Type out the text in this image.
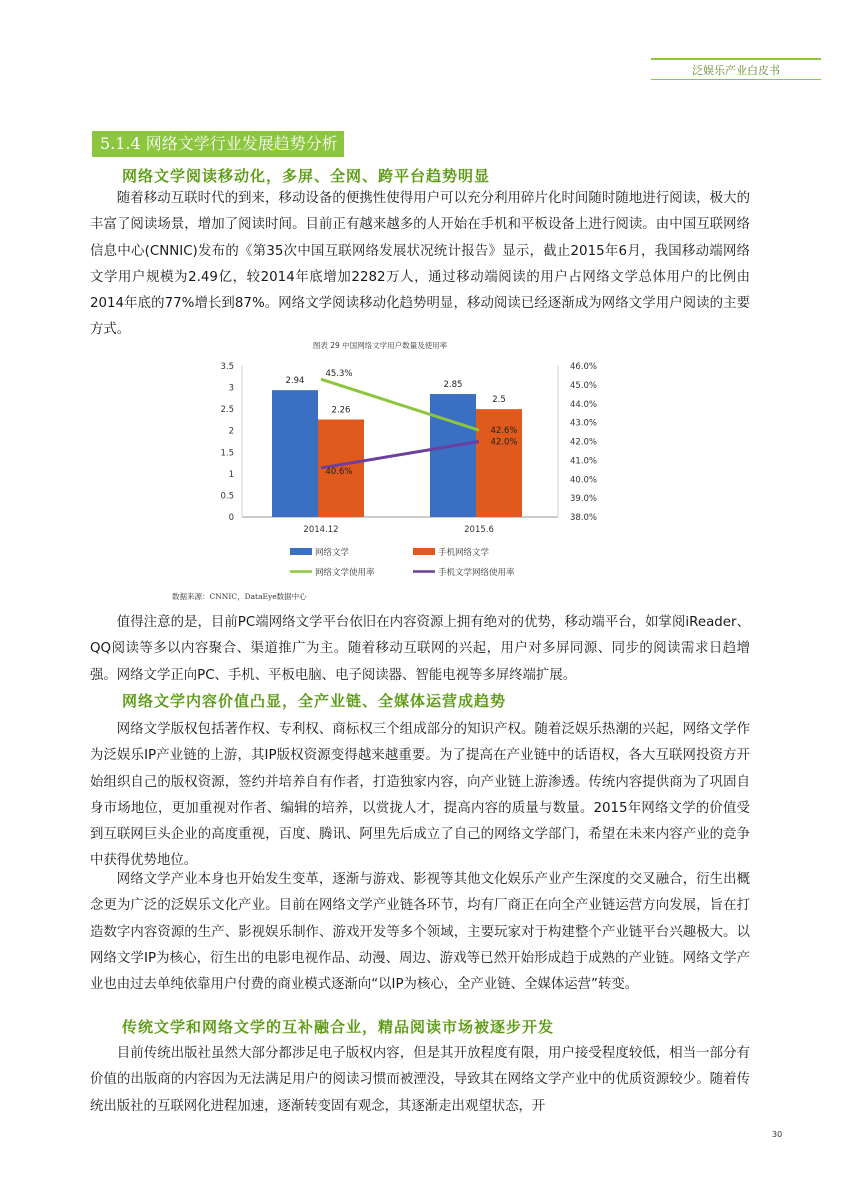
泛娱乐产业白皮书
5.1.4 网络文学行业发展趋势分析
网络文学阅读移动化，多屏、全网、跨平台趋势明显
随着移动互联时代的到来，移动设备的便携性使得用户可以充分利用碎片化时间随时随地进行阅读，极大的丰富了阅读场景，增加了阅读时间。目前正有越来越多的人开始在手机和平板设备上进行阅读。由中国互联网络信息中心(CNNIC)发布的《第35次中国互联网络发展状况统计报告》显示，截止2015年6月，我国移动端网络文学用户规模为2.49亿，较2014年底增加2282万人，通过移动端阅读的用户占网络文学总体用户的比例由2014年底的77%增长到87%。网络文学阅读移动化趋势明显，移动阅读已经逐渐成为网络文学用户阅读的主要方式。
图表 29 中国网络文学用户数量及使用率
0
0.5
1
1.5
2
2.5
3
3.5
38.0%
39.0%
40.0%
41.0%
42.0%
43.0%
44.0%
45.0%
46.0%
2014.12	2015.6
2.94	2.85
2.26
2.5
45.3%
42.6%
40.6%
42.0%
网络文学	手机网络文学
网络文学使用率	手机文学网络使用率
数据来源：CNNIC，DataEye数据中心
值得注意的是，目前PC端网络文学平台依旧在内容资源上拥有绝对的优势，移动端平台，如掌阅iReader、QQ阅读等多以内容聚合、渠道推广为主。随着移动互联网的兴起，用户对多屏同源、同步的阅读需求日趋增强。网络文学正向PC、手机、平板电脑、电子阅读器、智能电视等多屏终端扩展。
网络文学内容价值凸显，全产业链、全媒体运营成趋势
网络文学版权包括著作权、专利权、商标权三个组成部分的知识产权。随着泛娱乐热潮的兴起，网络文学作为泛娱乐IP产业链的上游，其IP版权资源变得越来越重要。为了提高在产业链中的话语权，各大互联网投资方开始组织自己的版权资源，签约并培养自有作者，打造独家内容，向产业链上游渗透。传统内容提供商为了巩固自身市场地位，更加重视对作者、编辑的培养，以赏拢人才，提高内容的质量与数量。2015年网络文学的价值受到互联网巨头企业的高度重视，百度、腾讯、阿里先后成立了自己的网络文学部门，希望在未来内容产业的竞争中获得优势地位。
网络文学产业本身也开始发生变革，逐渐与游戏、影视等其他文化娱乐产业产生深度的交叉融合，衍生出概念更为广泛的泛娱乐文化产业。目前在网络文学产业链各环节，均有厂商正在向全产业链运营方向发展，旨在打造数字内容资源的生产、影视娱乐制作、游戏开发等多个领域，主要玩家对于构建整个产业链平台兴趣极大。以网络文学IP为核心，衍生出的电影电视作品、动漫、周边、游戏等已然开始形成趋于成熟的产业链。网络文学产业也由过去单纯依靠用户付费的商业模式逐渐向“以IP为核心，全产业链、全媒体运营”转变。
传统文学和网络文学的互补融合业，精品阅读市场被逐步开发
目前传统出版社虽然大部分都涉足电子版权内容，但是其开放程度有限，用户接受程度较低，相当一部分有价值的出版商的内容因为无法满足用户的阅读习惯而被湮没，导致其在网络文学产业中的优质资源较少。随着传统出版社的互联网化进程加速，逐渐转变固有观念，其逐渐走出观望状态，开
30
